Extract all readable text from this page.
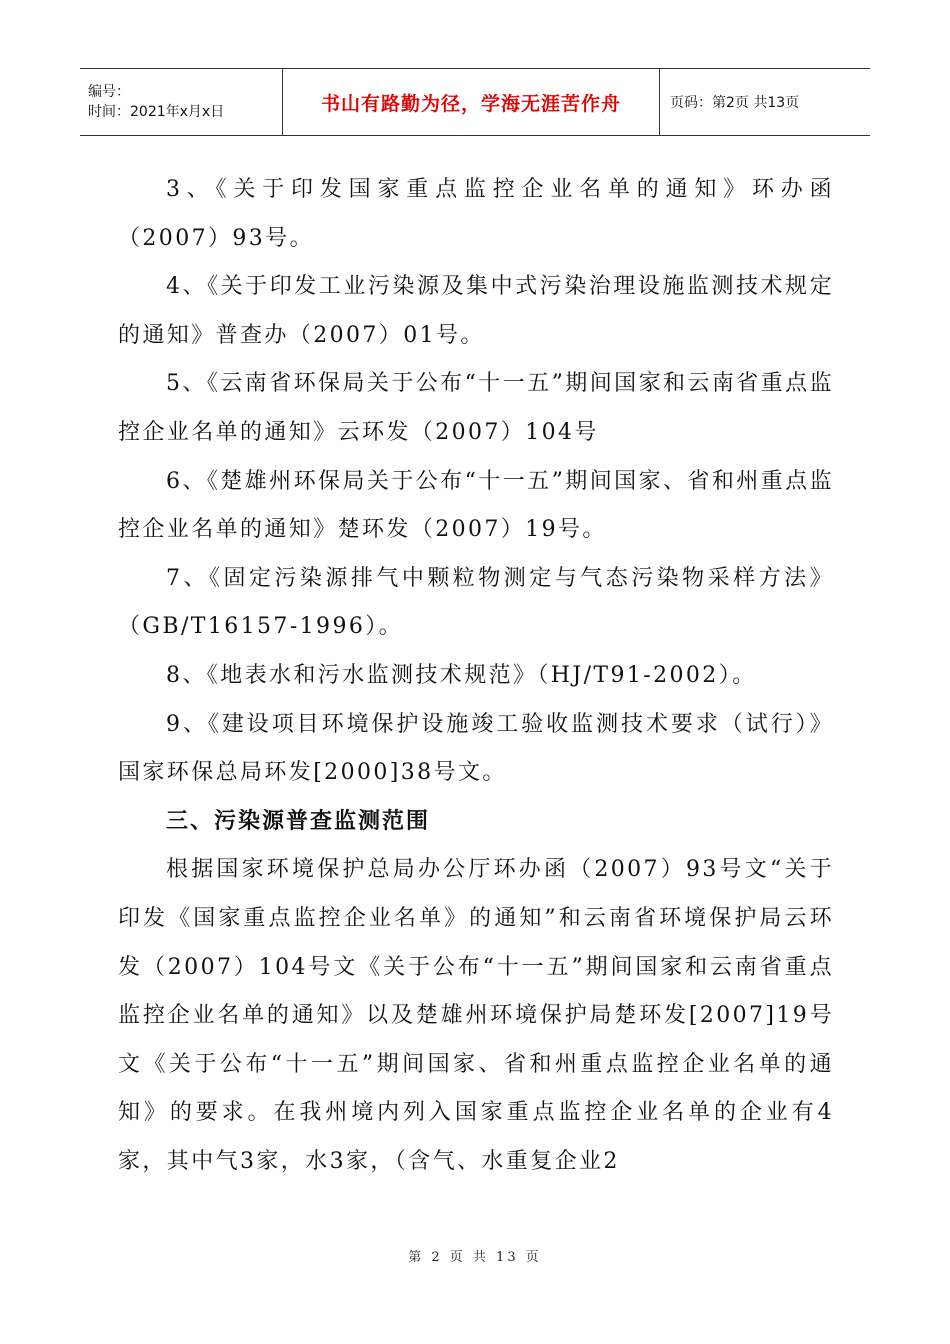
编号：
时间：2021年x月x日	书山有路勤为径，学海无涯苦作舟	页码：第2页 共13页

3、《关于印发国家重点监控企业名单的通知》环办函（2007）93号。

4、《关于印发工业污染源及集中式污染治理设施监测技术规定的通知》普查办（2007）01号。

5、《云南省环保局关于公布“十一五”期间国家和云南省重点监控企业名单的通知》云环发（2007）104号

6、《楚雄州环保局关于公布“十一五”期间国家、省和州重点监控企业名单的通知》楚环发（2007）19号。

7、《固定污染源排气中颗粒物测定与气态污染物采样方法》（GB/T16157-1996）。

8、《地表水和污水监测技术规范》（HJ/T91-2002）。

9、《建设项目环境保护设施竣工验收监测技术要求（试行）》国家环保总局环发[2000]38号文。

三、污染源普查监测范围

根据国家环境保护总局办公厅环办函（2007）93号文“关于印发《国家重点监控企业名单》的通知”和云南省环境保护局云环发（2007）104号文《关于公布“十一五”期间国家和云南省重点监控企业名单的通知》以及楚雄州环境保护局楚环发[2007]19号文《关于公布“十一五”期间国家、省和州重点监控企业名单的通知》的要求。在我州境内列入国家重点监控企业名单的企业有4家，其中气3家，水3家，（含气、水重复企业2

第 2 页 共 13 页
